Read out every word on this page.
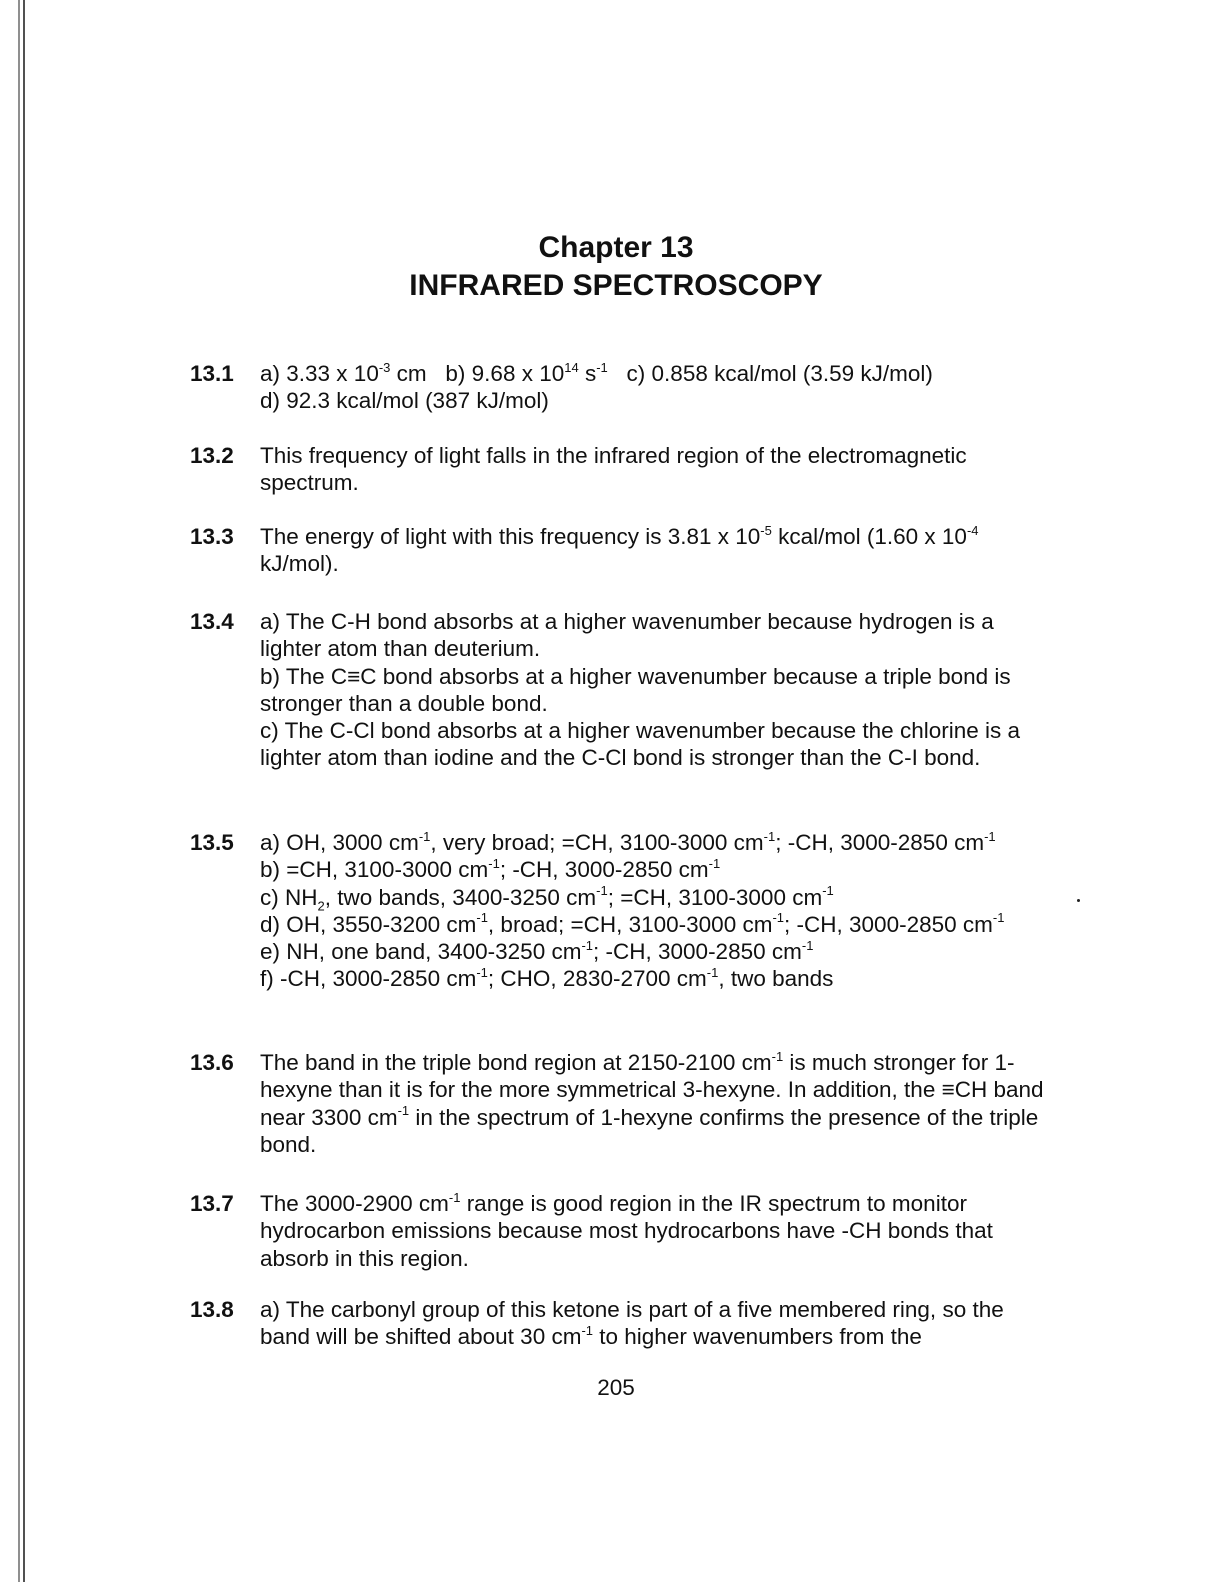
Chapter 13
INFRARED SPECTROSCOPY
13.1 a) 3.33 x $10^{-3}$ cm b) 9.68 x $10^{14}$ $s^{-1}$ c) 0.858 kcal/mol (3.59 kJ/mol)

d) 92.3 kcal/mol (387 kJ/mol)

13.2 This frequency of light falls in the infrared region of the electromagnetic spectrum.

13.3 The energy of light with this frequency is 3.81 x $10^{-5}$ kcal/mol (1.60 x $10^{-4}$ kJ/mol).

13.4 a) The C-H bond absorbs at a higher wavenumber because hydrogen is a lighter atom than deuterium.

b) The C≡C bond absorbs at a higher wavenumber because a triple bond is stronger than a double bond.

c) The C-Cl bond absorbs at a higher wavenumber because the chlorine is a lighter atom than iodine and the C-Cl bond is stronger than the C-I bond.

13.5 a) OH, 3000 $cm^{-1}$, very broad; =CH, 3100-3000 $cm^{-1}$; -CH, 3000-2850 $cm^{-1}$

b) =CH, 3100-3000 $cm^{-1}$; -CH, 3000-2850 $cm^{-1}$

c) $NH_2$, two bands, 3400-3250 $cm^{-1}$; =CH, 3100-3000 $cm^{-1}$

d) OH, 3550-3200 $cm^{-1}$, broad; =CH, 3100-3000 $cm^{-1}$; -CH, 3000-2850 $cm^{-1}$

e) NH, one band, 3400-3250 $cm^{-1}$; -CH, 3000-2850 $cm^{-1}$

f) -CH, 3000-2850 $cm^{-1}$; CHO, 2830-2700 $cm^{-1}$, two bands

13.6 The band in the triple bond region at 2150-2100 $cm^{-1}$ is much stronger for 1-hexyne than it is for the more symmetrical 3-hexyne. In addition, the ≡CH band near 3300 $cm^{-1}$ in the spectrum of 1-hexyne confirms the presence of the triple bond.

13.7 The 3000-2900 $cm^{-1}$ range is good region in the IR spectrum to monitor hydrocarbon emissions because most hydrocarbons have -CH bonds that absorb in this region.

13.8 a) The carbonyl group of this ketone is part of a five membered ring, so the band will be shifted about 30 $cm^{-1}$ to higher wavenumbers from the

205
